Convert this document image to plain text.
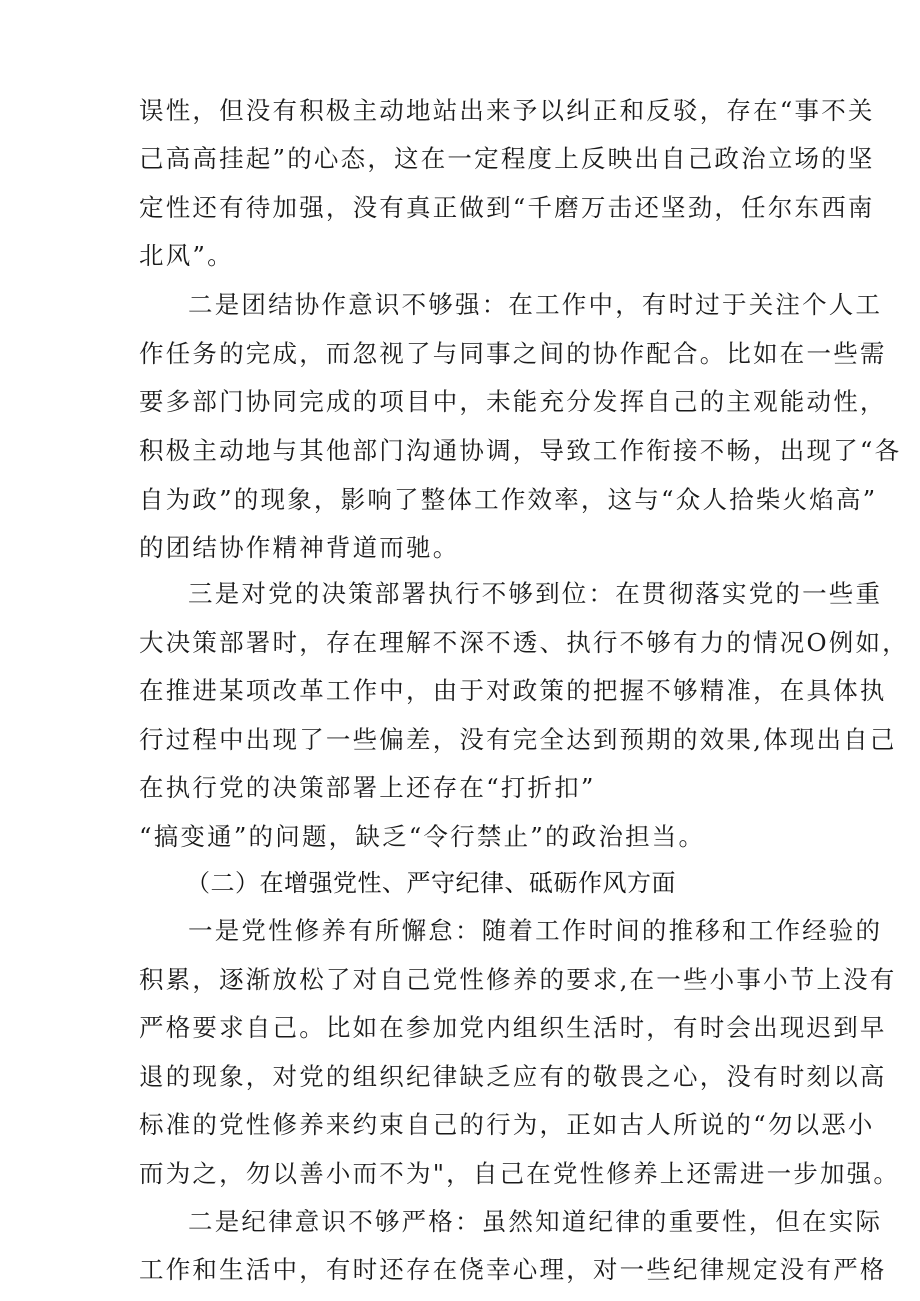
误性，但没有积极主动地站出来予以纠正和反驳，存在“事不关
己高高挂起”的心态，这在一定程度上反映出自己政治立场的坚
定性还有待加强，没有真正做到“千磨万击还坚劲，任尔东西南
北风”。
二是团结协作意识不够强：在工作中，有时过于关注个人工
作任务的完成，而忽视了与同事之间的协作配合。比如在一些需
要多部门协同完成的项目中，未能充分发挥自己的主观能动性，
积极主动地与其他部门沟通协调，导致工作衔接不畅，出现了“各
自为政”的现象，影响了整体工作效率，这与“众人拾柴火焰高”
的团结协作精神背道而驰。
三是对党的决策部署执行不够到位：在贯彻落实党的一些重
大决策部署时，存在理解不深不透、执行不够有力的情况O例如，
在推进某项改革工作中，由于对政策的把握不够精准，在具体执
行过程中出现了一些偏差，没有完全达到预期的效果,体现出自己
在执行党的决策部署上还存在“打折扣”
“搞变通”的问题，缺乏“令行禁止”的政治担当。
（二）在增强党性、严守纪律、砥砺作风方面
一是党性修养有所懈怠：随着工作时间的推移和工作经验的
积累，逐渐放松了对自己党性修养的要求,在一些小事小节上没有
严格要求自己。比如在参加党内组织生活时，有时会出现迟到早
退的现象，对党的组织纪律缺乏应有的敬畏之心，没有时刻以高
标准的党性修养来约束自己的行为，正如古人所说的“勿以恶小
而为之，勿以善小而不为"，自己在党性修养上还需进一步加强。
二是纪律意识不够严格：虽然知道纪律的重要性，但在实际
工作和生活中，有时还存在侥幸心理，对一些纪律规定没有严格
